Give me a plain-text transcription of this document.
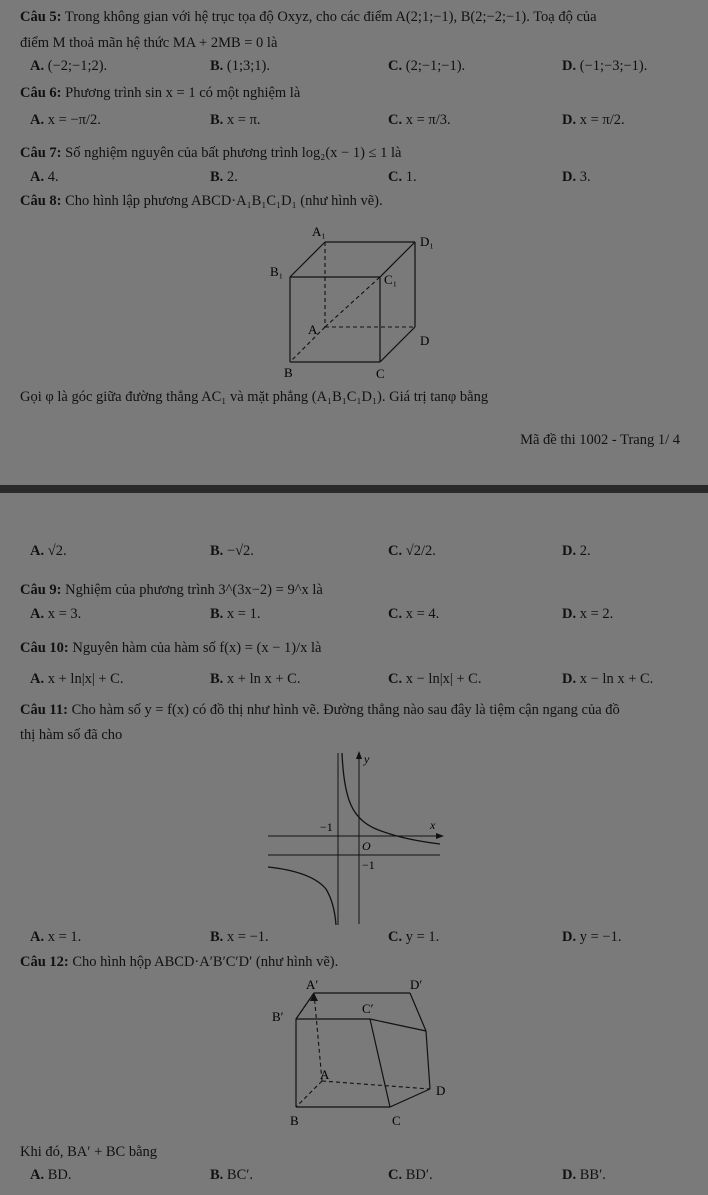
Câu 5: Trong không gian với hệ trục tọa độ Oxyz, cho các điểm A(2;1;−1), B(2;−2;−1). Toạ độ của
điểm M thoả mãn hệ thức MA + 2MB = 0 là
A. (−2;−1;2).	B. (1;3;1).	C. (2;−1;−1).	D. (−1;−3;−1).
Câu 6: Phương trình sin x = 1 có một nghiệm là
A. x = −π/2.	B. x = π.	C. x = π/3.	D. x = π/2.
Câu 7: Số nghiệm nguyên của bất phương trình log₂(x − 1) ≤ 1 là
A. 4.	B. 2.	C. 1.	D. 3.
Câu 8: Cho hình lập phương ABCD·A₁B₁C₁D₁ (như hình vẽ).
A₁
D₁
B₁
C₁
A
D
B	C
Gọi φ là góc giữa đường thẳng AC₁ và mặt phẳng (A₁B₁C₁D₁). Giá trị tanφ bằng
Mã đề thi 1002 - Trang 1/ 4
A. √2.	B. −√2.	C. √2/2.	D. 2.
Câu 9: Nghiệm của phương trình 3^(3x−2) = 9^x là
A. x = 3.	B. x = 1.	C. x = 4.	D. x = 2.
Câu 10: Nguyên hàm của hàm số f(x) = (x − 1)/x là
A. x + ln|x| + C.	B. x + ln x + C.	C. x − ln|x| + C.	D. x − ln x + C.
Câu 11: Cho hàm số y = f(x) có đồ thị như hình vẽ. Đường thẳng nào sau đây là tiệm cận ngang của đồ
thị hàm số đã cho
y
x
O
−1
−1
A. x = 1.	B. x = −1.	C. y = 1.	D. y = −1.
Câu 12: Cho hình hộp ABCD·A′B′C′D′ (như hình vẽ).
A′	D′
B′
C′
A
D
B	C
Khi đó, BA′ + BC bằng
A. BD.	B. BC′.	C. BD′.	D. BB′.
